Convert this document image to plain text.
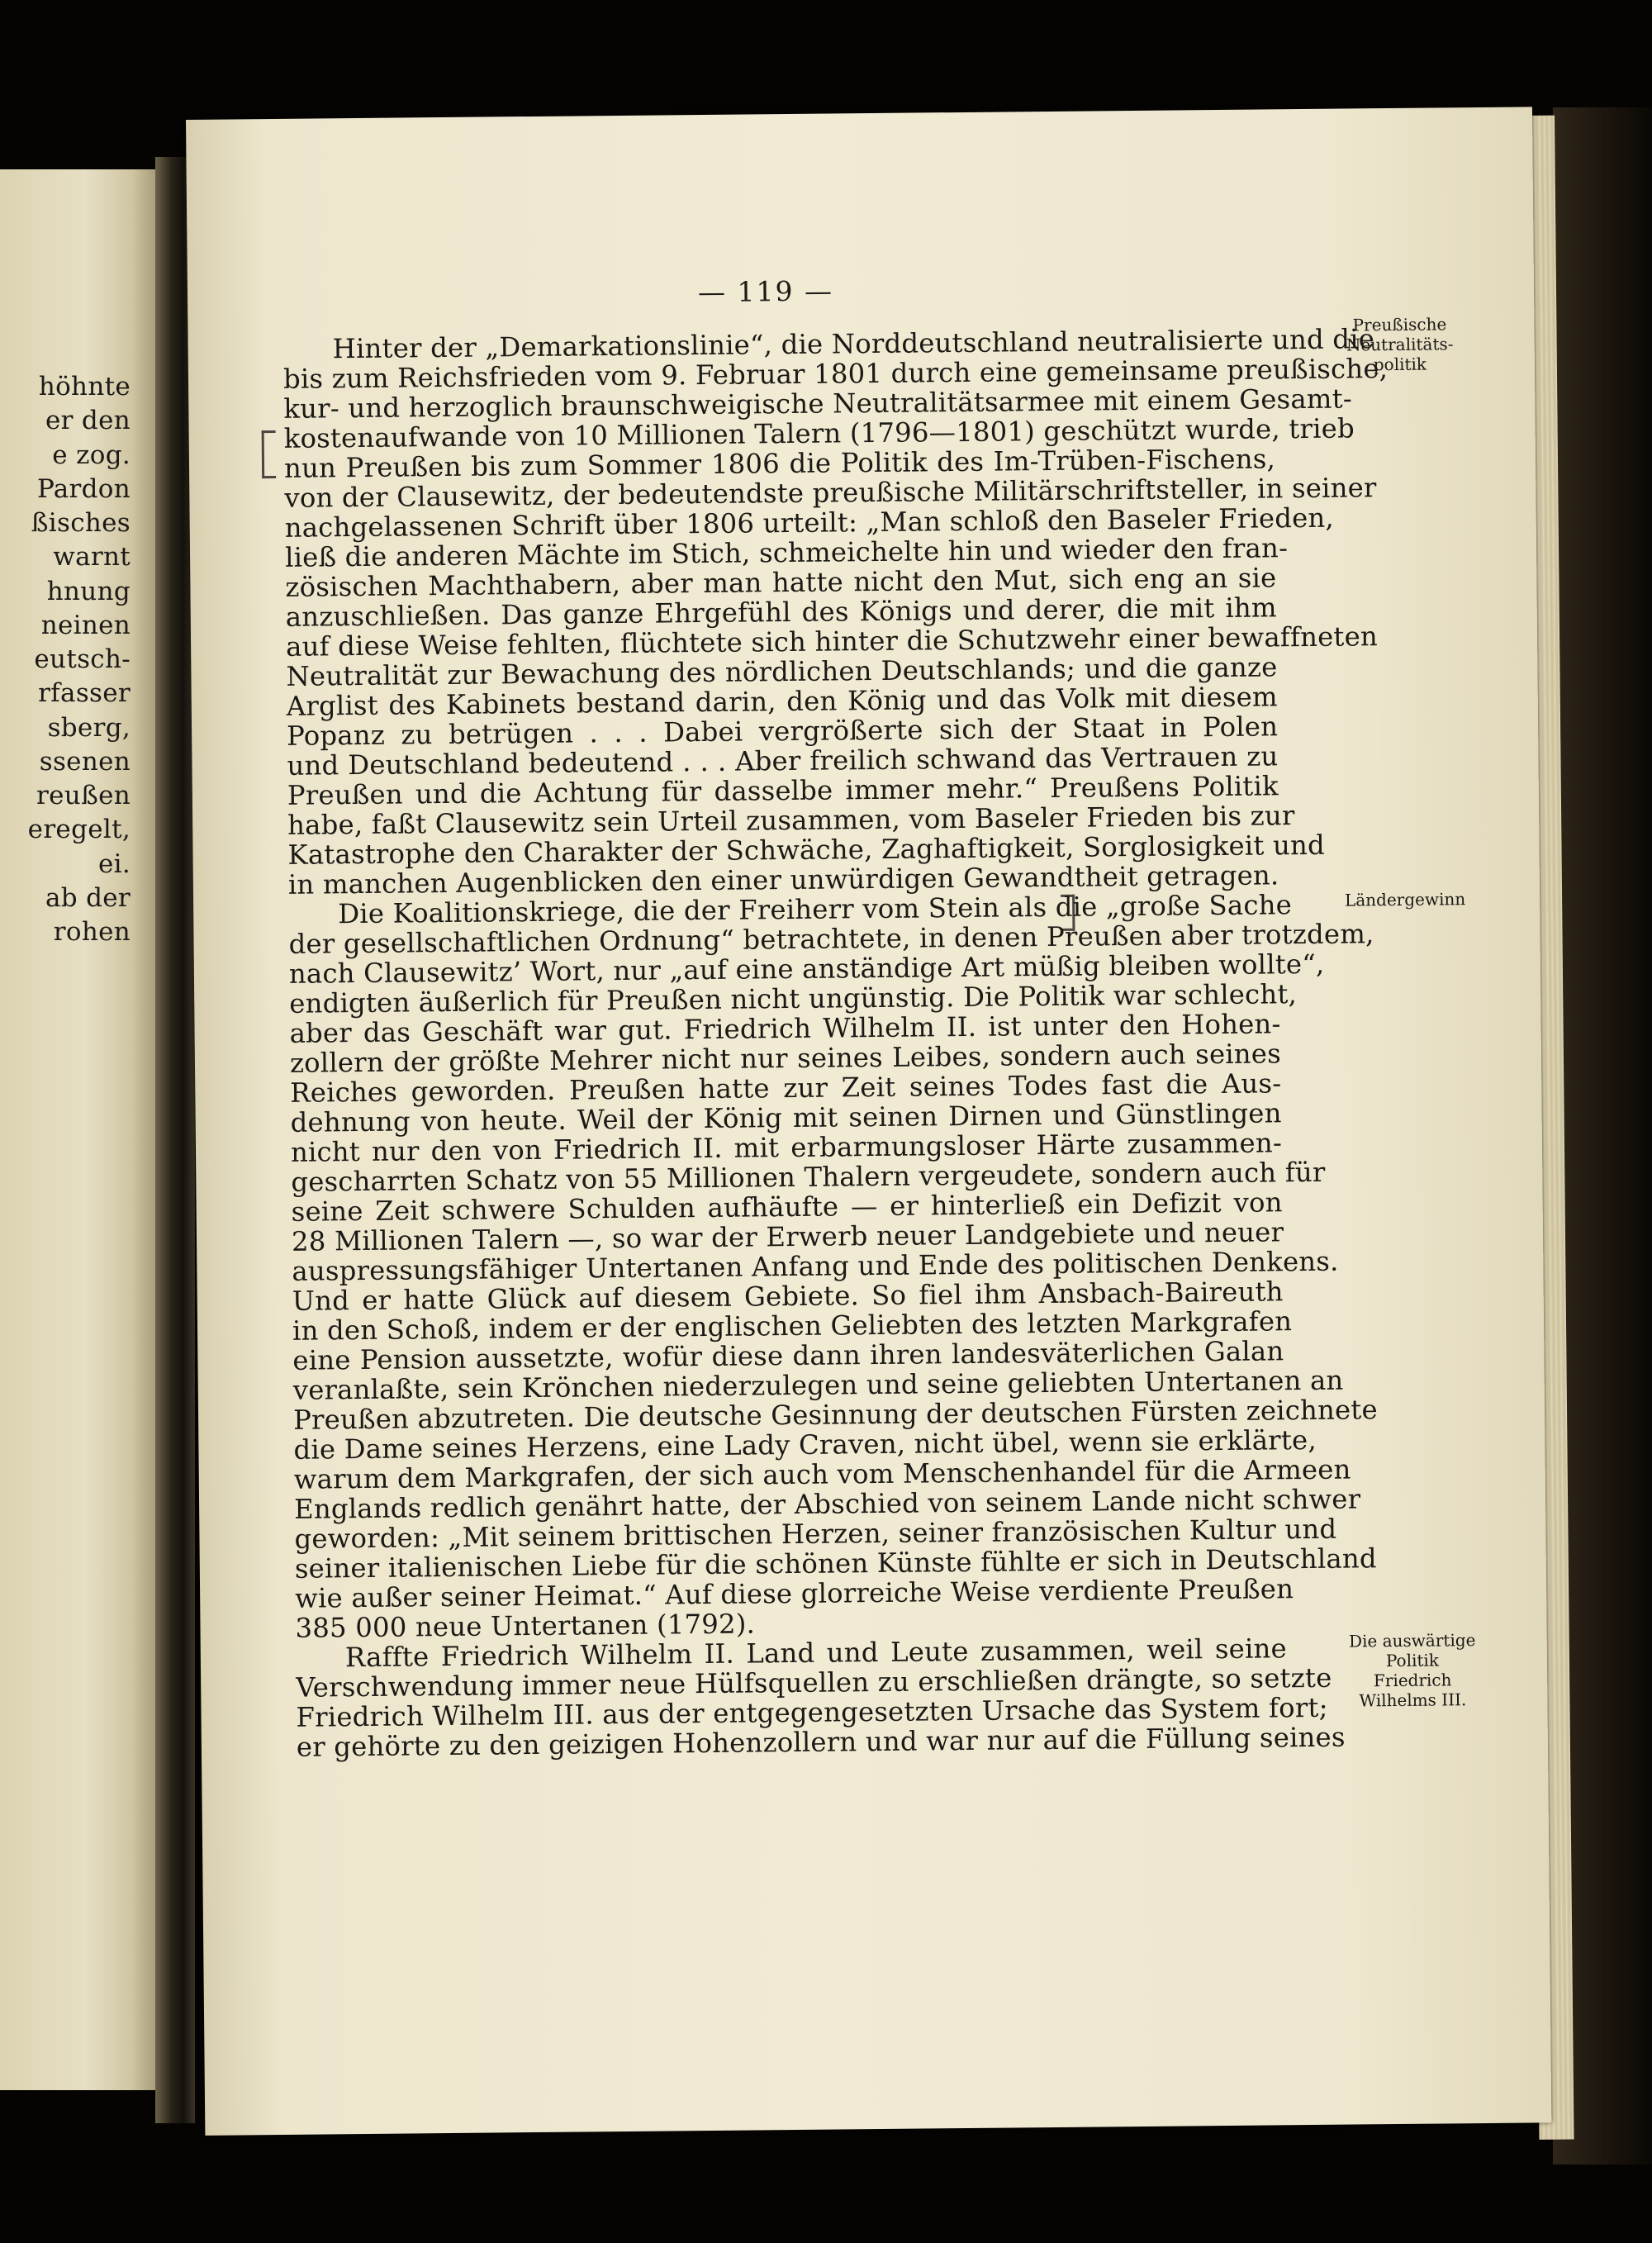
höhnte
er den
e zog.
Pardon
ßisches
warnt
hnung
neinen
eutsch-
rfasser
sberg,
ssenen
reußen
eregelt,
ei.
ab der
rohen
— 119 —
Hinter der „Demarkationslinie“, die Norddeutschland neutralisierte und die
bis zum Reichsfrieden vom 9. Februar 1801 durch eine gemeinsame preußische,
kur- und herzoglich braunschweigische Neutralitätsarmee mit einem Gesamt-
kostenaufwande von 10 Millionen Talern (1796—1801) geschützt wurde, trieb
nun Preußen bis zum Sommer 1806 die Politik des Im-Trüben-Fischens,
von der Clausewitz, der bedeutendste preußische Militärschriftsteller, in seiner
nachgelassenen Schrift über 1806 urteilt: „Man schloß den Baseler Frieden,
ließ die anderen Mächte im Stich, schmeichelte hin und wieder den fran-
zösischen Machthabern, aber man hatte nicht den Mut, sich eng an sie
anzuschließen. Das ganze Ehrgefühl des Königs und derer, die mit ihm
auf diese Weise fehlten, flüchtete sich hinter die Schutzwehr einer bewaffneten
Neutralität zur Bewachung des nördlichen Deutschlands; und die ganze
Arglist des Kabinets bestand darin, den König und das Volk mit diesem
Popanz zu betrügen . . . Dabei vergrößerte sich der Staat in Polen
und Deutschland bedeutend . . . Aber freilich schwand das Vertrauen zu
Preußen und die Achtung für dasselbe immer mehr.“ Preußens Politik
habe, faßt Clausewitz sein Urteil zusammen, vom Baseler Frieden bis zur
Katastrophe den Charakter der Schwäche, Zaghaftigkeit, Sorglosigkeit und
in manchen Augenblicken den einer unwürdigen Gewandtheit getragen.
Die Koalitionskriege, die der Freiherr vom Stein als die „große Sache
der gesellschaftlichen Ordnung“ betrachtete, in denen Preußen aber trotzdem,
nach Clausewitz’ Wort, nur „auf eine anständige Art müßig bleiben wollte“,
endigten äußerlich für Preußen nicht ungünstig. Die Politik war schlecht,
aber das Geschäft war gut. Friedrich Wilhelm II. ist unter den Hohen-
zollern der größte Mehrer nicht nur seines Leibes, sondern auch seines
Reiches geworden. Preußen hatte zur Zeit seines Todes fast die Aus-
dehnung von heute. Weil der König mit seinen Dirnen und Günstlingen
nicht nur den von Friedrich II. mit erbarmungsloser Härte zusammen-
gescharrten Schatz von 55 Millionen Thalern vergeudete, sondern auch für
seine Zeit schwere Schulden aufhäufte — er hinterließ ein Defizit von
28 Millionen Talern —, so war der Erwerb neuer Landgebiete und neuer
auspressungsfähiger Untertanen Anfang und Ende des politischen Denkens.
Und er hatte Glück auf diesem Gebiete. So fiel ihm Ansbach-Baireuth
in den Schoß, indem er der englischen Geliebten des letzten Markgrafen
eine Pension aussetzte, wofür diese dann ihren landesväterlichen Galan
veranlaßte, sein Krönchen niederzulegen und seine geliebten Untertanen an
Preußen abzutreten. Die deutsche Gesinnung der deutschen Fürsten zeichnete
die Dame seines Herzens, eine Lady Craven, nicht übel, wenn sie erklärte,
warum dem Markgrafen, der sich auch vom Menschenhandel für die Armeen
Englands redlich genährt hatte, der Abschied von seinem Lande nicht schwer
geworden: „Mit seinem brittischen Herzen, seiner französischen Kultur und
seiner italienischen Liebe für die schönen Künste fühlte er sich in Deutschland
wie außer seiner Heimat.“ Auf diese glorreiche Weise verdiente Preußen
385 000 neue Untertanen (1792).
Raffte Friedrich Wilhelm II. Land und Leute zusammen, weil seine
Verschwendung immer neue Hülfsquellen zu erschließen drängte, so setzte
Friedrich Wilhelm III. aus der entgegengesetzten Ursache das System fort;
er gehörte zu den geizigen Hohenzollern und war nur auf die Füllung seines
Preußische
Neutralitäts-
politik
Ländergewinn
Die auswärtige
Politik
Friedrich
Wilhelms III.
